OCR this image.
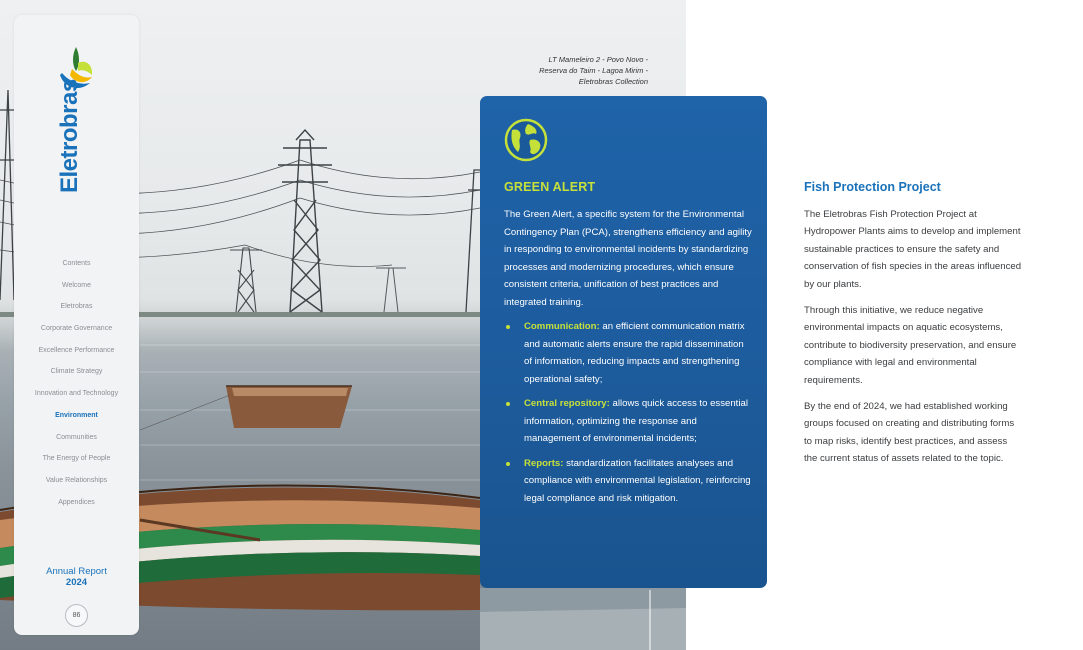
LT Mameleiro 2 - Povo Novo -
Reserva do Taim - Lagoa Mirim -
Eletrobras Collection
Eletrobras
Contents
Welcome
Eletrobras
Corporate Governance
Excellence Performance
Climate Strategy
Innovation and Technology
Environment
Communities
The Energy of People
Value Relationships
Appendices
Annual Report
2024
86
GREEN ALERT

The Green Alert, a specific system for the Environmental Contingency Plan (PCA), strengthens efficiency and agility in responding to environmental incidents by standardizing processes and modernizing procedures, which ensure consistent criteria, unification of best practices and integrated training.

Communication: an efficient communication matrix and automatic alerts ensure the rapid dissemination of information, reducing impacts and strengthening operational safety;
Central repository: allows quick access to essential information, optimizing the response and management of environmental incidents;
Reports: standardization facilitates analyses and compliance with environmental legislation, reinforcing legal compliance and risk mitigation.
Fish Protection Project

The Eletrobras Fish Protection Project at Hydropower Plants aims to develop and implement sustainable practices to ensure the safety and conservation of fish species in the areas influenced by our plants.

Through this initiative, we reduce negative environmental impacts on aquatic ecosystems, contribute to biodiversity preservation, and ensure compliance with legal and environmental requirements.

By the end of 2024, we had established working groups focused on creating and distributing forms to map risks, identify best practices, and assess the current status of assets related to the topic.
